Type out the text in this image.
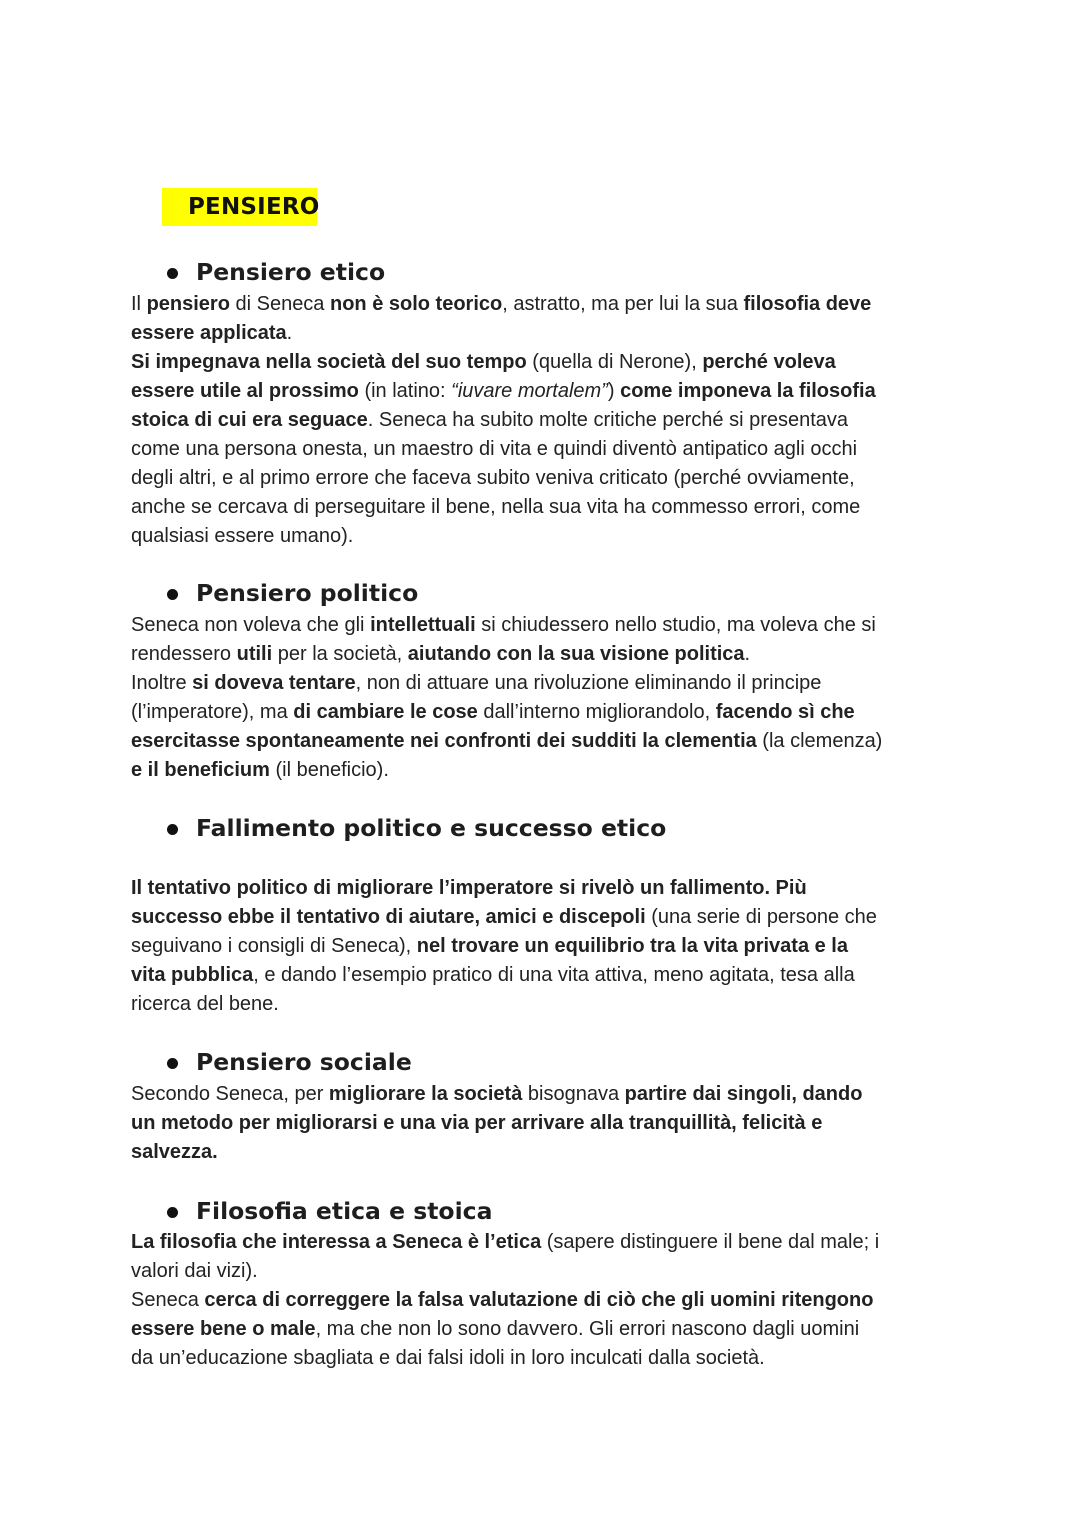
PENSIERO
Pensiero etico
Il pensiero di Seneca non è solo teorico, astratto, ma per lui la sua filosofia deve
essere applicata.
Si impegnava nella società del suo tempo (quella di Nerone), perché voleva
essere utile al prossimo (in latino: “iuvare mortalem”) come imponeva la filosofia
stoica di cui era seguace. Seneca ha subito molte critiche perché si presentava
come una persona onesta, un maestro di vita e quindi diventò antipatico agli occhi
degli altri, e al primo errore che faceva subito veniva criticato (perché ovviamente,
anche se cercava di perseguitare il bene, nella sua vita ha commesso errori, come
qualsiasi essere umano).
Pensiero politico
Seneca non voleva che gli intellettuali si chiudessero nello studio, ma voleva che si
rendessero utili per la società, aiutando con la sua visione politica.
Inoltre si doveva tentare, non di attuare una rivoluzione eliminando il principe
(l’imperatore), ma di cambiare le cose dall’interno migliorandolo, facendo sì che
esercitasse spontaneamente nei confronti dei sudditi la clementia (la clemenza)
e il beneficium (il beneficio).
Fallimento politico e successo etico
Il tentativo politico di migliorare l’imperatore si rivelò un fallimento. Più
successo ebbe il tentativo di aiutare, amici e discepoli (una serie di persone che
seguivano i consigli di Seneca), nel trovare un equilibrio tra la vita privata e la
vita pubblica, e dando l’esempio pratico di una vita attiva, meno agitata, tesa alla
ricerca del bene.
Pensiero sociale
Secondo Seneca, per migliorare la società bisognava partire dai singoli, dando
un metodo per migliorarsi e una via per arrivare alla tranquillità, felicità e
salvezza.
Filosofia etica e stoica
La filosofia che interessa a Seneca è l’etica (sapere distinguere il bene dal male; i
valori dai vizi).
Seneca cerca di correggere la falsa valutazione di ciò che gli uomini ritengono
essere bene o male, ma che non lo sono davvero. Gli errori nascono dagli uomini
da un’educazione sbagliata e dai falsi idoli in loro inculcati dalla società.
